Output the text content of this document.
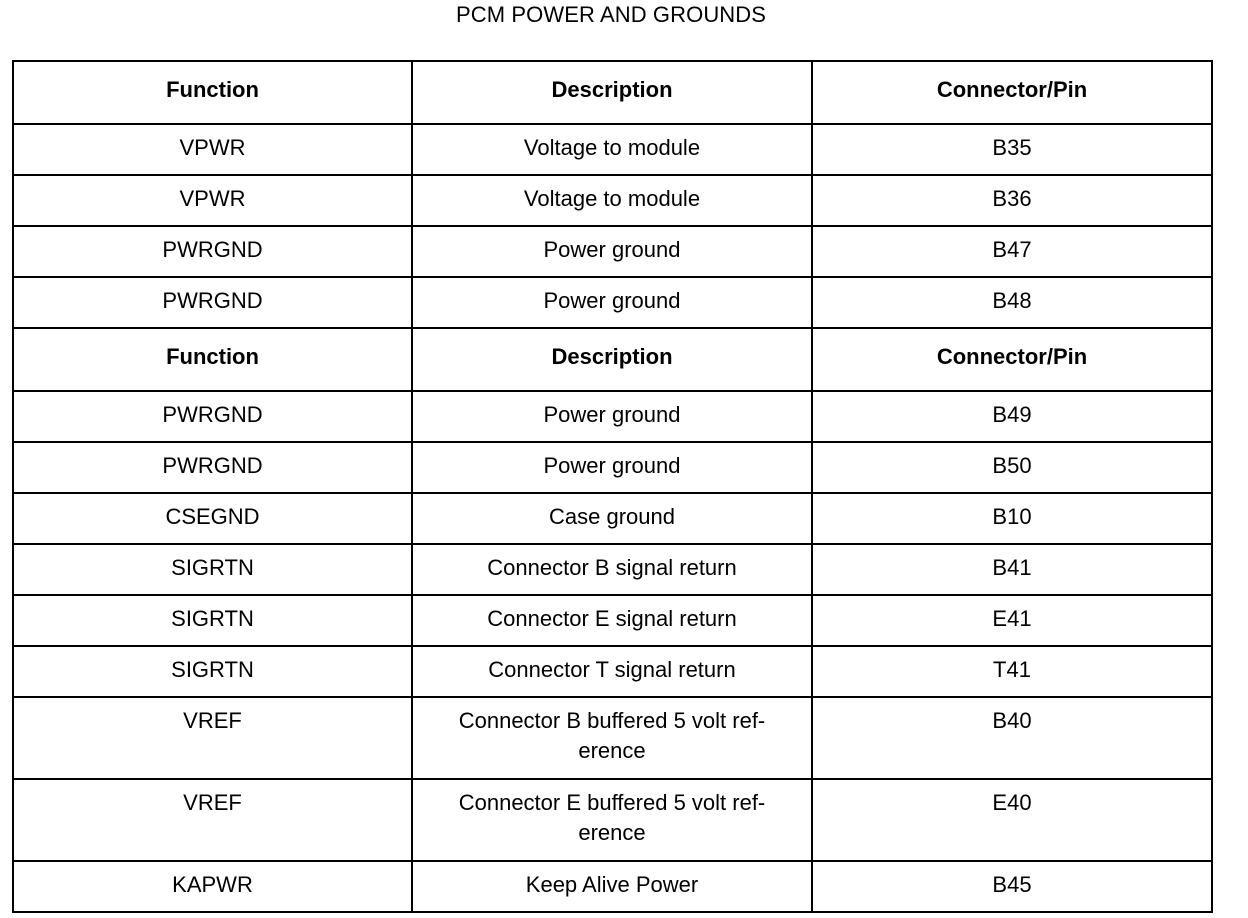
PCM POWER AND GROUNDS
Function	Description	Connector/Pin
VPWR	Voltage to module	B35
VPWR	Voltage to module	B36
PWRGND	Power ground	B47
PWRGND	Power ground	B48
Function	Description	Connector/Pin
PWRGND	Power ground	B49
PWRGND	Power ground	B50
CSEGND	Case ground	B10
SIGRTN	Connector B signal return	B41
SIGRTN	Connector E signal return	E41
SIGRTN	Connector T signal return	T41
VREF	Connector B buffered 5 volt ref- erence	B40
VREF	Connector E buffered 5 volt ref- erence	E40
KAPWR	Keep Alive Power	B45
